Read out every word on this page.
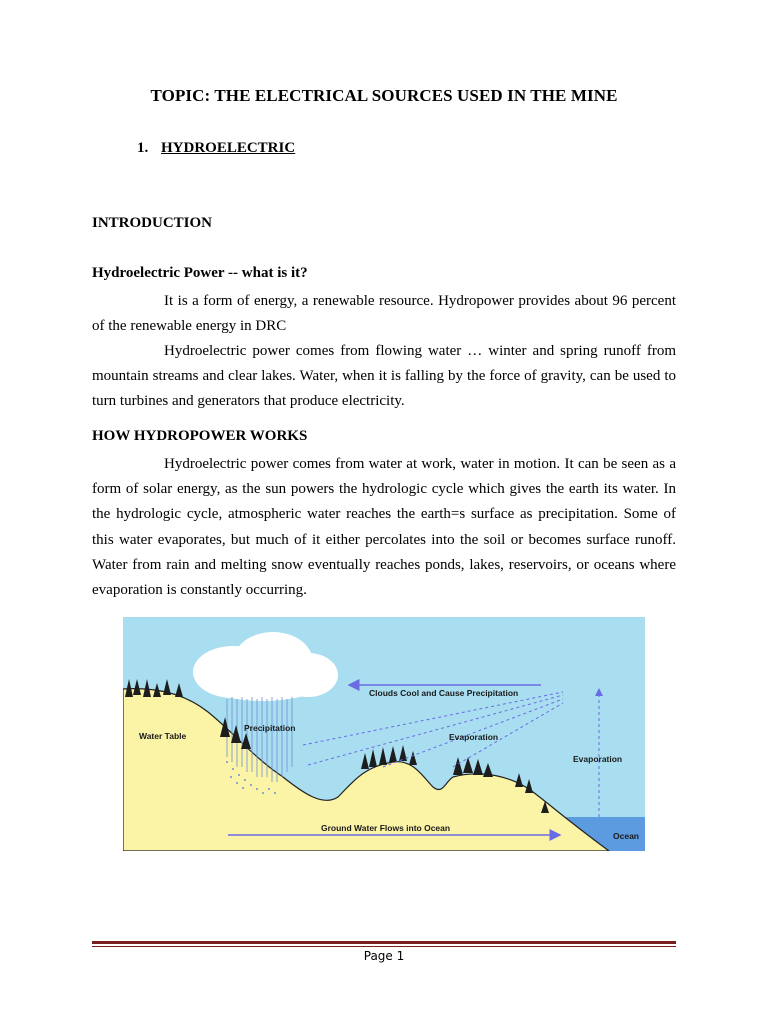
TOPIC: THE ELECTRICAL SOURCES USED IN THE MINE
1. HYDROELECTRIC
INTRODUCTION
Hydroelectric Power -- what is it?

It is a form of energy, a renewable resource. Hydropower provides about 96 percent of the renewable energy in DRC

Hydroelectric power comes from flowing water … winter and spring runoff from mountain streams and clear lakes. Water, when it is falling by the force of gravity, can be used to turn turbines and generators that produce electricity.

HOW HYDROPOWER WORKS

Hydroelectric power comes from water at work, water in motion. It can be seen as a form of solar energy, as the sun powers the hydrologic cycle which gives the earth its water. In the hydrologic cycle, atmospheric water reaches the earth=s surface as precipitation. Some of this water evaporates, but much of it either percolates into the soil or becomes surface runoff. Water from rain and melting snow eventually reaches ponds, lakes, reservoirs, or oceans where evaporation is constantly occurring.

Clouds Cool and Cause Precipitation
Precipitation
Water Table	Evaporation
Evaporation
Ground Water Flows into Ocean
Ocean
Page 1
